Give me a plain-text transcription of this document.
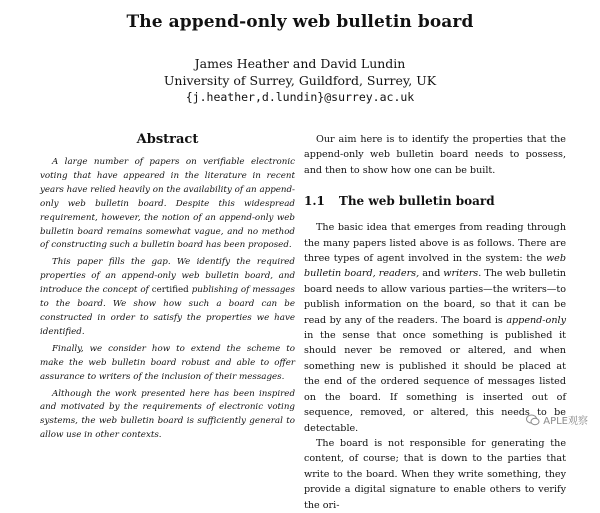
The append-only web bulletin board
James Heather and David Lundin
University of Surrey, Guildford, Surrey, UK
{j.heather,d.lundin}@surrey.ac.uk
Abstract

A large number of papers on verifiable electronic voting that have appeared in the literature in recent years have relied heavily on the availability of an append-only web bulletin board. Despite this widespread requirement, however, the notion of an append-only web bulletin board remains somewhat vague, and no method of constructing such a bulletin board has been proposed.

This paper fills the gap. We identify the required properties of an append-only web bulletin board, and introduce the concept of certified publishing of messages to the board. We show how such a board can be constructed in order to satisfy the properties we have identified.

Finally, we consider how to extend the scheme to make the web bulletin board robust and able to offer assurance to writers of the inclusion of their messages.

Although the work presented here has been inspired and motivated by the requirements of electronic voting systems, the web bulletin board is sufficiently general to allow use in other contexts.

Our aim here is to identify the properties that the append-only web bulletin board needs to possess, and then to show how one can be built.

1.1 The web bulletin board

The basic idea that emerges from reading through the many papers listed above is as follows. There are three types of agent involved in the system: the web bulletin board, readers, and writers. The web bulletin board needs to allow various parties—the writers—to publish information on the board, so that it can be read by any of the readers. The board is append-only in the sense that once something is published it should never be removed or altered, and when something new is published it should be placed at the end of the ordered sequence of messages listed on the board. If something is inserted out of sequence, removed, or altered, this needs to be detectable.

The board is not responsible for generating the content, of course; that is down to the parties that write to the board. When they write something, they provide a digital signature to enable others to verify the ori-

APLE观察
